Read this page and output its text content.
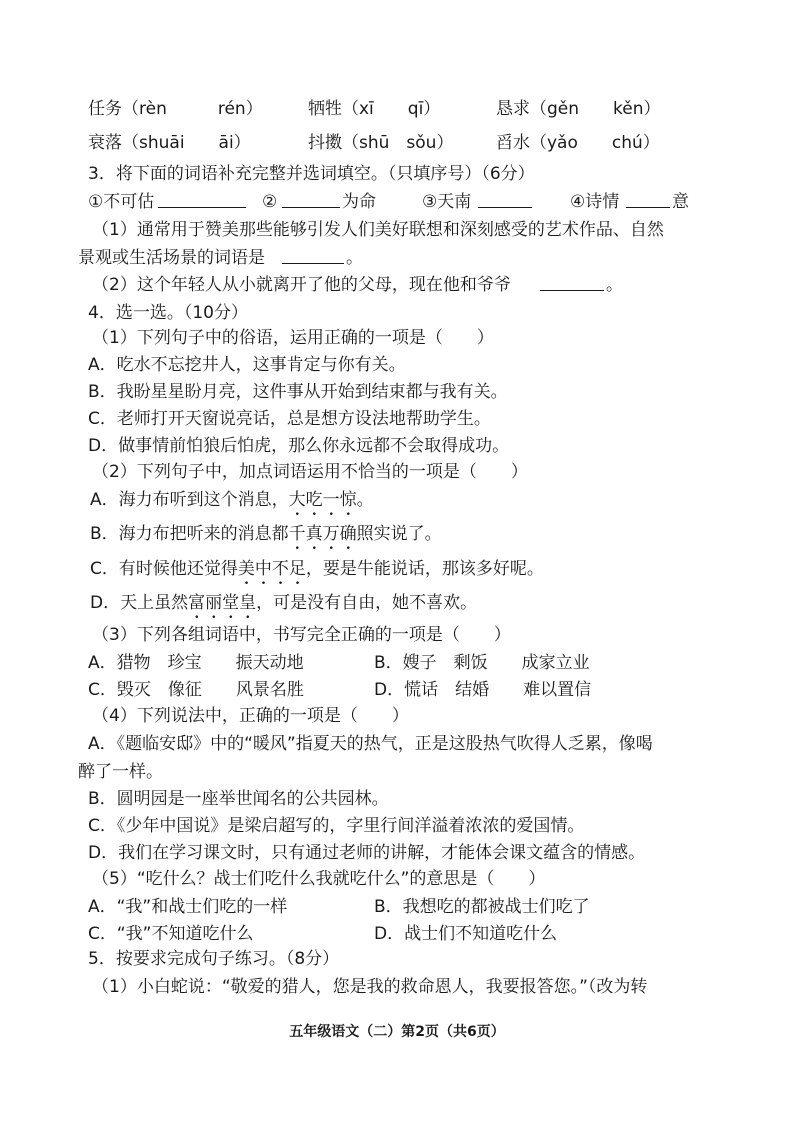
任务 （rèn　　　rén）	牺牲 （xī　　qī）	恳求 （gěn　　kěn）
衰落 （shuāi　　āi）	抖擞 （shū　sǒu）	舀水 （yǎo　　chú）
3．将下面的词语补充完整并选词填空。（只填序号）（6分）
①不可估	②	为命	③天南	④诗情	意
（1）通常用于赞美那些能够引发人们美好联想和深刻感受的艺术作品、自然
景观或生活场景的词语是	。
（2）这个年轻人从小就离开了他的父母，现在他和爷爷	。
4．选一选。（10分）
（1）下列句子中的俗语，运用正确的一项是（　　）
A．吃水不忘挖井人，这事肯定与你有关。
B．我盼星星盼月亮，这件事从开始到结束都与我有关。
C．老师打开天窗说亮话，总是想方设法地帮助学生。
D．做事情前怕狼后怕虎，那么你永远都不会取得成功。
（2）下列句子中，加点词语运用不恰当的一项是（　　）
A．海力布听到这个消息，大吃一惊。
B．海力布把听来的消息都千真万确照实说了。
C．有时候他还觉得美中不足，要是牛能说话，那该多好呢。
D．天上虽然富丽堂皇，可是没有自由，她不喜欢。
（3）下列各组词语中，书写完全正确的一项是（　　）
A．猎物　珍宝　　振天动地	B．嫂子　剩饭　　成家立业
C．毁灭　像征　　风景名胜	D．慌话　结婚　　难以置信
（4）下列说法中，正确的一项是（　　）
A．《题临安邸》中的“暖风”指夏天的热气，正是这股热气吹得人乏累，像喝
醉了一样。
B．圆明园是一座举世闻名的公共园林。
C．《少年中国说》是梁启超写的，字里行间洋溢着浓浓的爱国情。
D．我们在学习课文时，只有通过老师的讲解，才能体会课文蕴含的情感。
（5）“吃什么？战士们吃什么我就吃什么”的意思是（　　）
A．“我”和战士们吃的一样	B．我想吃的都被战士们吃了
C．“我”不知道吃什么	D．战士们不知道吃什么
5．按要求完成句子练习。（8分）
（1）小白蛇说：“敬爱的猎人，您是我的救命恩人，我要报答您。”（改为转
五年级语文（二）第2页（共6页）
